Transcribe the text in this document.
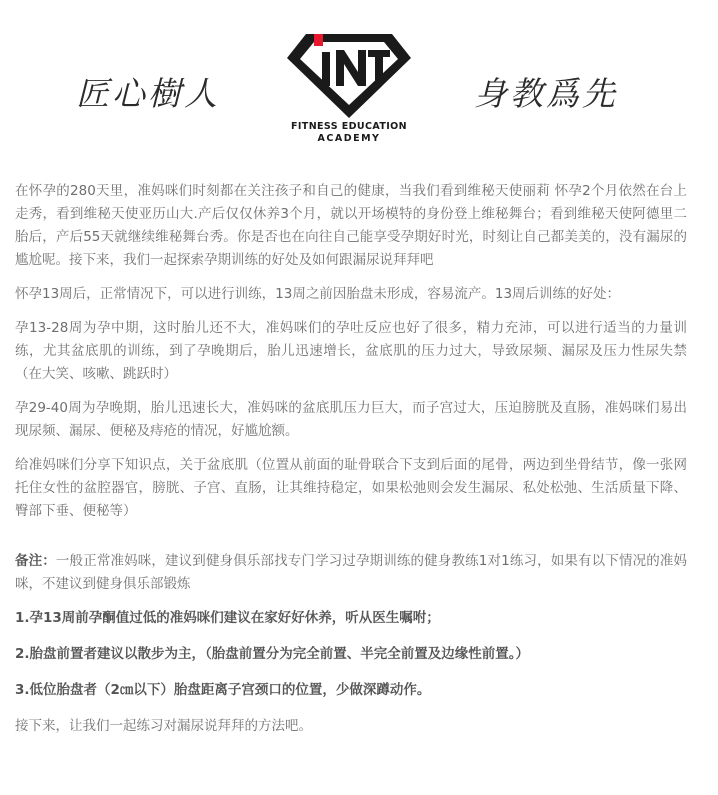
匠心樹人
FITNESS EDUCATION
ACADEMY
身教爲先

在怀孕的280天里，准妈咪们时刻都在关注孩子和自己的健康，当我们看到维秘天使丽莉 怀孕2个月依然在台上走秀，看到维秘天使亚历山大.产后仅仅休养3个月，就以开场模特的身份登上维秘舞台；看到维秘天使阿德里二胎后，产后55天就继续维秘舞台秀。你是否也在向往自己能享受孕期好时光，时刻让自己都美美的，没有漏尿的尴尬呢。接下来，我们一起探索孕期训练的好处及如何跟漏尿说拜拜吧

怀孕13周后，正常情况下，可以进行训练，13周之前因胎盘未形成，容易流产。13周后训练的好处：

孕13-28周为孕中期，这时胎儿还不大，准妈咪们的孕吐反应也好了很多，精力充沛，可以进行适当的力量训练，尤其盆底肌的训练，到了孕晚期后，胎儿迅速增长，盆底肌的压力过大，导致尿频、漏尿及压力性尿失禁（在大笑、咳嗽、跳跃时）

孕29-40周为孕晚期，胎儿迅速长大，准妈咪的盆底肌压力巨大，而子宫过大，压迫膀胱及直肠，准妈咪们易出现尿频、漏尿、便秘及痔疮的情况，好尴尬额。

给准妈咪们分享下知识点，关于盆底肌（位置从前面的耻骨联合下支到后面的尾骨，两边到坐骨结节，像一张网托住女性的盆腔器官，膀胱、子宫、直肠，让其维持稳定，如果松弛则会发生漏尿、私处松弛、生活质量下降、臀部下垂、便秘等）

备注：一般正常准妈咪，建议到健身俱乐部找专门学习过孕期训练的健身教练1对1练习，如果有以下情况的准妈咪，不建议到健身俱乐部锻炼

1.孕13周前孕酮值过低的准妈咪们建议在家好好休养，听从医生嘱咐；

2.胎盘前置者建议以散步为主，（胎盘前置分为完全前置、半完全前置及边缘性前置。）

3.低位胎盘者（2㎝以下）胎盘距离子宫颈口的位置，少做深蹲动作。

接下来，让我们一起练习对漏尿说拜拜的方法吧。
